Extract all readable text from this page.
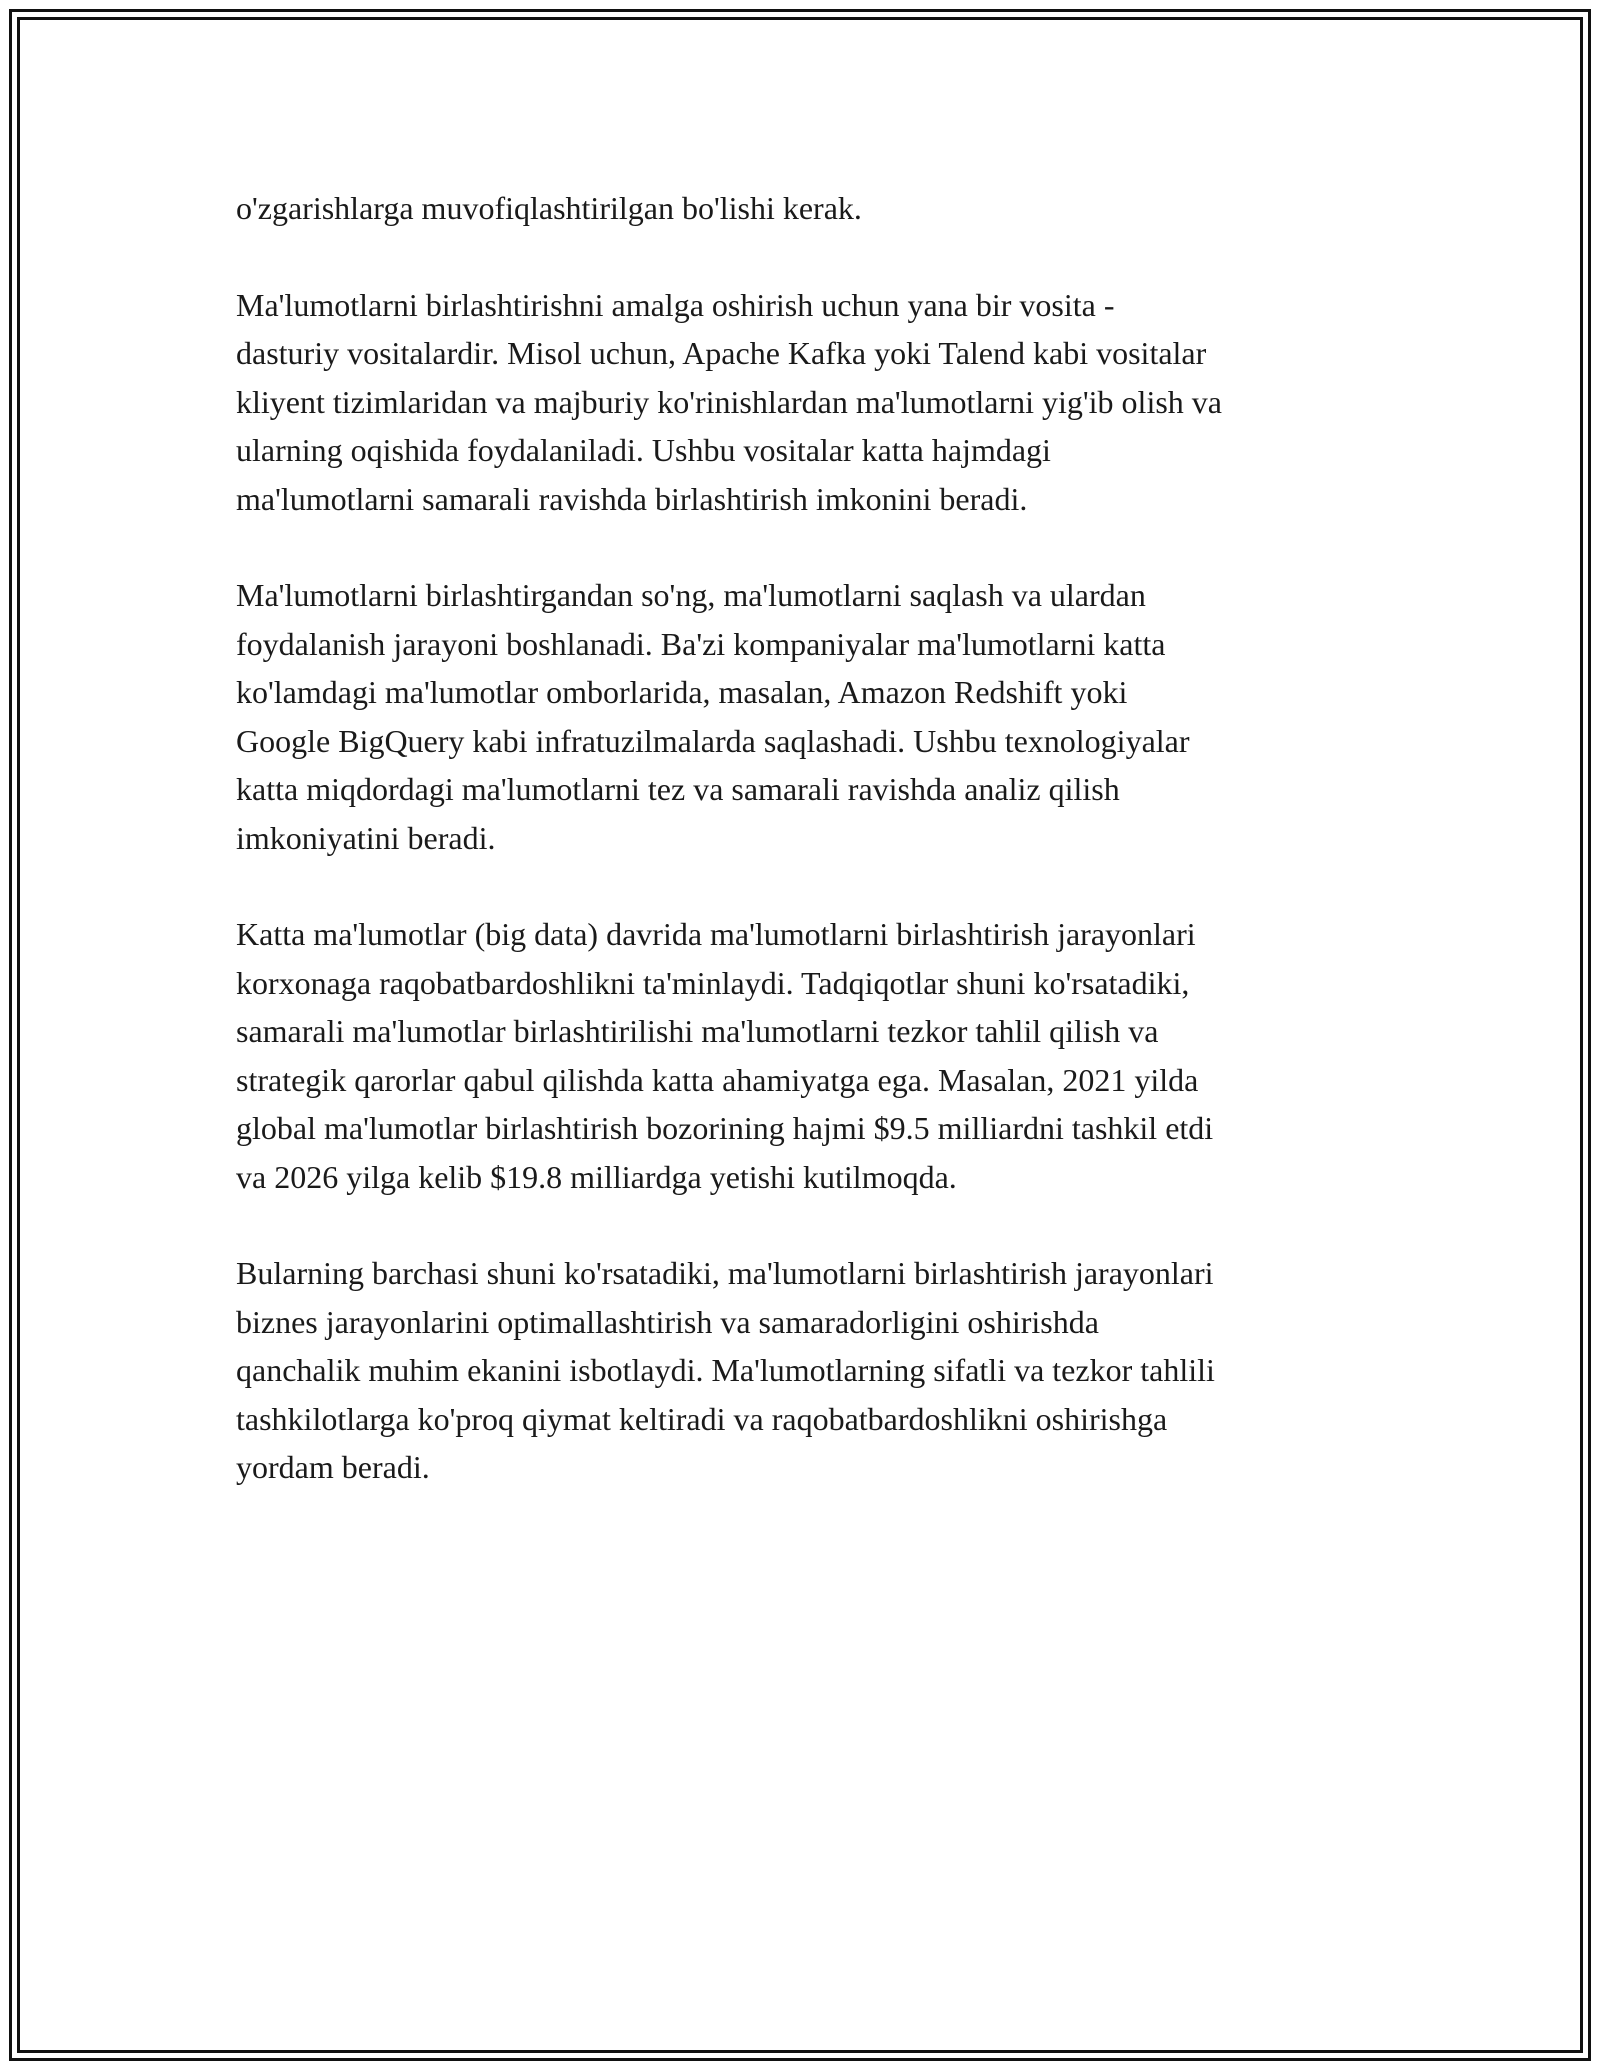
o'zgarishlarga muvofiqlashtirilgan bo'lishi kerak.

Ma'lumotlarni birlashtirishni amalga oshirish uchun yana bir vosita -
dasturiy vositalardir. Misol uchun, Apache Kafka yoki Talend kabi vositalar
kliyent tizimlaridan va majburiy ko'rinishlardan ma'lumotlarni yig'ib olish va
ularning oqishida foydalaniladi. Ushbu vositalar katta hajmdagi
ma'lumotlarni samarali ravishda birlashtirish imkonini beradi.

Ma'lumotlarni birlashtirgandan so'ng, ma'lumotlarni saqlash va ulardan
foydalanish jarayoni boshlanadi. Ba'zi kompaniyalar ma'lumotlarni katta
ko'lamdagi ma'lumotlar omborlarida, masalan, Amazon Redshift yoki
Google BigQuery kabi infratuzilmalarda saqlashadi. Ushbu texnologiyalar
katta miqdordagi ma'lumotlarni tez va samarali ravishda analiz qilish
imkoniyatini beradi.

Katta ma'lumotlar (big data) davrida ma'lumotlarni birlashtirish jarayonlari
korxonaga raqobatbardoshlikni ta'minlaydi. Tadqiqotlar shuni ko'rsatadiki,
samarali ma'lumotlar birlashtirilishi ma'lumotlarni tezkor tahlil qilish va
strategik qarorlar qabul qilishda katta ahamiyatga ega. Masalan, 2021 yilda
global ma'lumotlar birlashtirish bozorining hajmi $9.5 milliardni tashkil etdi
va 2026 yilga kelib $19.8 milliardga yetishi kutilmoqda.

Bularning barchasi shuni ko'rsatadiki, ma'lumotlarni birlashtirish jarayonlari
biznes jarayonlarini optimallashtirish va samaradorligini oshirishda
qanchalik muhim ekanini isbotlaydi. Ma'lumotlarning sifatli va tezkor tahlili
tashkilotlarga ko'proq qiymat keltiradi va raqobatbardoshlikni oshirishga
yordam beradi.
